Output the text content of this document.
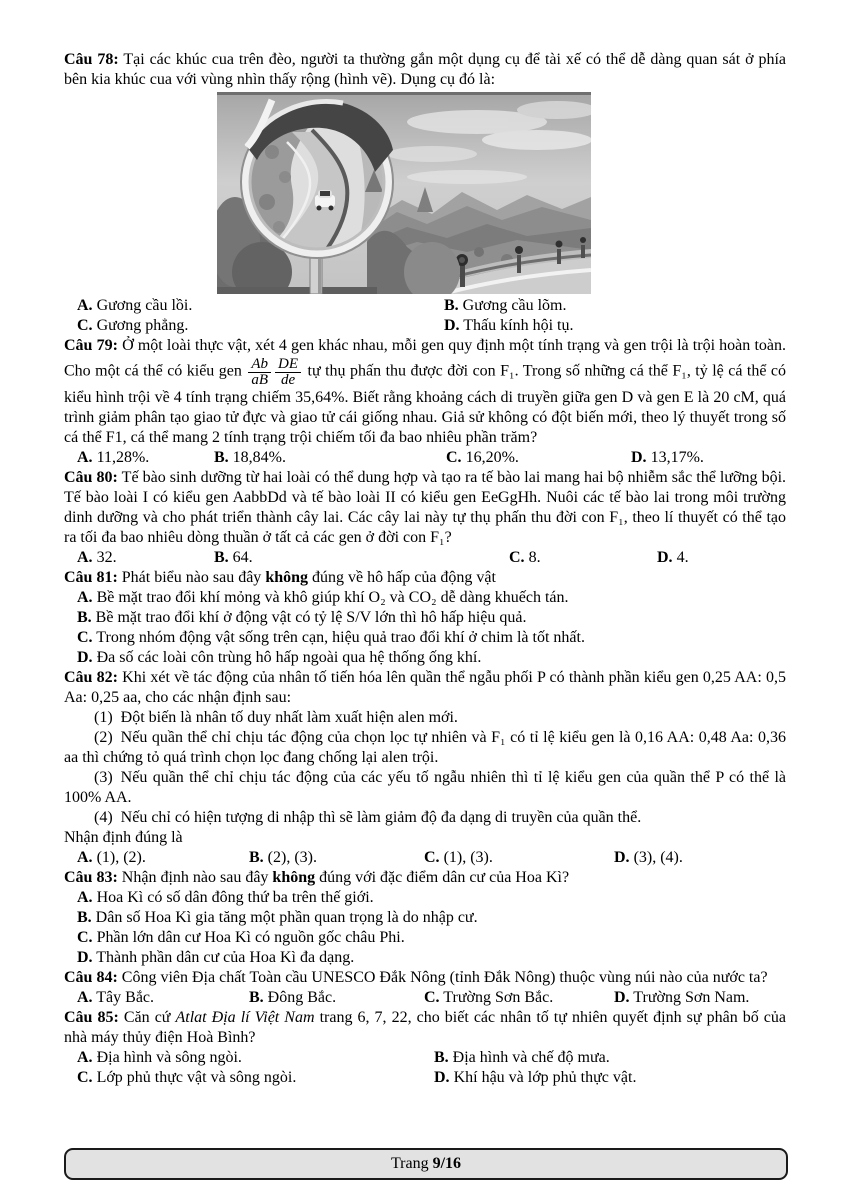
Câu 78: Tại các khúc cua trên đèo, người ta thường gắn một dụng cụ để tài xế có thể dễ dàng quan sát ở phía bên kia khúc cua với vùng nhìn thấy rộng (hình vẽ). Dụng cụ đó là:

A. Gương cầu lồi.	B. Gương cầu lõm.
C. Gương phẳng.	D. Thấu kính hội tụ.

Câu 79: Ở một loài thực vật, xét 4 gen khác nhau, mỗi gen quy định một tính trạng và gen trội là trội hoàn toàn. Cho một cá thể có kiểu gen $\frac{Ab}{aB} \frac{DE}{de}$ tự thụ phấn thu được đời con F₁. Trong số những cá thể F₁, tỷ lệ cá thể có kiểu hình trội về 4 tính trạng chiếm 35,64%. Biết rằng khoảng cách di truyền giữa gen D và gen E là 20 cM, quá trình giảm phân tạo giao tử đực và giao tử cái giống nhau. Giả sử không có đột biến mới, theo lý thuyết trong số cá thể F1, cá thể mang 2 tính trạng trội chiếm tối đa bao nhiêu phần trăm?

A. 11,28%.	B. 18,84%.	C. 16,20%.	D. 13,17%.

Câu 80: Tế bào sinh dưỡng từ hai loài có thể dung hợp và tạo ra tế bào lai mang hai bộ nhiễm sắc thể lưỡng bội. Tế bào loài I có kiểu gen AabbDd và tế bào loài II có kiểu gen EeGgHh. Nuôi các tế bào lai trong môi trường dinh dưỡng và cho phát triển thành cây lai. Các cây lai này tự thụ phấn thu đời con F₁, theo lí thuyết có thể tạo ra tối đa bao nhiêu dòng thuần ở tất cả các gen ở đời con F₁?

A. 32.	B. 64.	C. 8.	D. 4.

Câu 81: Phát biểu nào sau đây không đúng về hô hấp của động vật

A. Bề mặt trao đổi khí mỏng và khô giúp khí O₂ và CO₂ dễ dàng khuếch tán.

B. Bề mặt trao đổi khí ở động vật có tỷ lệ S/V lớn thì hô hấp hiệu quả.

C. Trong nhóm động vật sống trên cạn, hiệu quả trao đổi khí ở chim là tốt nhất.

D. Đa số các loài côn trùng hô hấp ngoài qua hệ thống ống khí.

Câu 82: Khi xét về tác động của nhân tố tiến hóa lên quần thể ngẫu phối P có thành phần kiểu gen 0,25 AA: 0,5 Aa: 0,25 aa, cho các nhận định sau:

(1) Đột biến là nhân tố duy nhất làm xuất hiện alen mới.

(2) Nếu quần thể chỉ chịu tác động của chọn lọc tự nhiên và F₁ có tỉ lệ kiểu gen là 0,16 AA: 0,48 Aa: 0,36 aa thì chứng tỏ quá trình chọn lọc đang chống lại alen trội.

(3) Nếu quần thể chỉ chịu tác động của các yếu tố ngẫu nhiên thì tỉ lệ kiểu gen của quần thể P có thể là 100% AA.

(4) Nếu chỉ có hiện tượng di nhập thì sẽ làm giảm độ đa dạng di truyền của quần thể.

Nhận định đúng là

A. (1), (2).	B. (2), (3).	C. (1), (3).	D. (3), (4).

Câu 83: Nhận định nào sau đây không đúng với đặc điểm dân cư của Hoa Kì?

A. Hoa Kì có số dân đông thứ ba trên thế giới.

B. Dân số Hoa Kì gia tăng một phần quan trọng là do nhập cư.

C. Phần lớn dân cư Hoa Kì có nguồn gốc châu Phi.

D. Thành phần dân cư của Hoa Kì đa dạng.

Câu 84: Công viên Địa chất Toàn cầu UNESCO Đắk Nông (tỉnh Đắk Nông) thuộc vùng núi nào của nước ta?

A. Tây Bắc.	B. Đông Bắc.	C. Trường Sơn Bắc.	D. Trường Sơn Nam.

Câu 85: Căn cứ Atlat Địa lí Việt Nam trang 6, 7, 22, cho biết các nhân tố tự nhiên quyết định sự phân bố của nhà máy thủy điện Hoà Bình?

A. Địa hình và sông ngòi.	B. Địa hình và chế độ mưa.
C. Lớp phủ thực vật và sông ngòi.	D. Khí hậu và lớp phủ thực vật.
Trang 9/16
